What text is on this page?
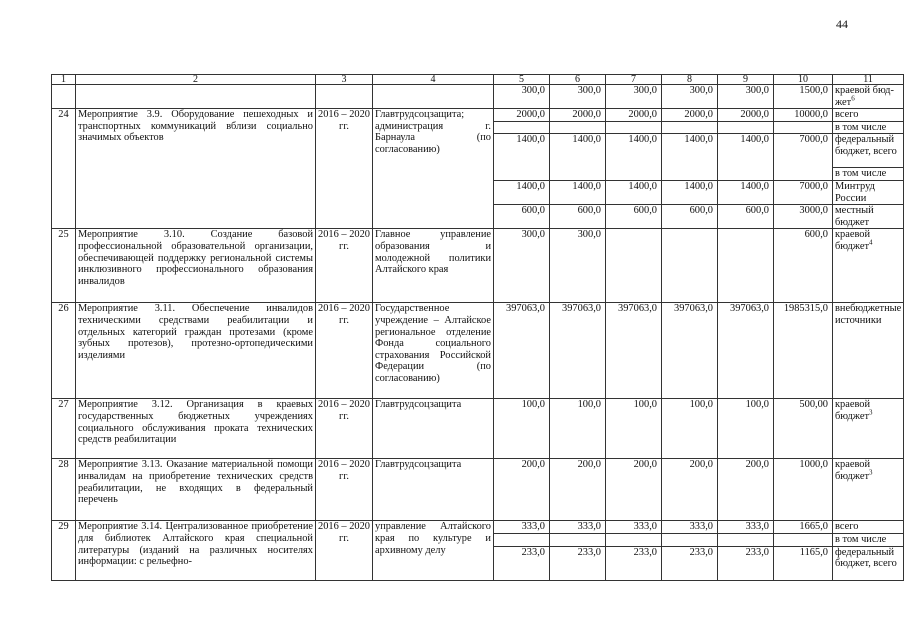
44
1	2	3	4	5	6	7	8	9	10	11
				300,0	300,0	300,0	300,0	300,0	1500,0	краевой бюд-жет$^6$
24	Мероприятие 3.9. Оборудование пешеходных и транспортных коммуникаций вблизи социально значимых объектов	2016 – 2020 гг.	Главтрудсоцзащита; администрация г. Барнаула (по согласованию)	2000,0	2000,0	2000,0	2000,0	2000,0	10000,0	всего
										в том числе
				1400,0	1400,0	1400,0	1400,0	1400,0	7000,0	федеральный бюджет, всего
										в том числе
				1400,0	1400,0	1400,0	1400,0	1400,0	7000,0	Минтруд России
				600,0	600,0	600,0	600,0	600,0	3000,0	местный бюджет
25	Мероприятие 3.10. Создание базовой профессиональной образовательной организации, обеспечивающей поддержку региональной системы инклюзивного профессионального образования инвалидов	2016 – 2020 гг.	Главное управление образования и молодежной политики Алтайского края	300,0	300,0				600,0	краевой бюджет$^4$
26	Мероприятие 3.11. Обеспечение инвалидов техническими средствами реабилитации и отдельных категорий граждан протезами (кроме зубных протезов), протезно-ортопедическими изделиями	2016 – 2020 гг.	Государственное учреждение – Алтайское региональное отделение Фонда социального страхования Российской Федерации (по согласованию)	397063,0	397063,0	397063,0	397063,0	397063,0	1985315,0	внебюджетные источники
27	Мероприятие 3.12. Организация в краевых государственных бюджетных учреждениях социального обслуживания проката технических средств реабилитации	2016 – 2020 гг.	Главтрудсоцзащита	100,0	100,0	100,0	100,0	100,0	500,00	краевой бюджет$^3$
28	Мероприятие 3.13. Оказание материальной помощи инвалидам на приобретение технических средств реабилитации, не входящих в федеральный перечень	2016 – 2020 гг.	Главтрудсоцзащита	200,0	200,0	200,0	200,0	200,0	1000,0	краевой бюджет$^3$
29	Мероприятие 3.14. Централизованное приобретение для библиотек Алтайского края специальной литературы (изданий на различных носителях информации: с рельефно-	2016 – 2020 гг.	управление Алтайского края по культуре и архивному делу	333,0	333,0	333,0	333,0	333,0	1665,0	всего
										в том числе
				233,0	233,0	233,0	233,0	233,0	1165,0	федеральный бюджет, всего
